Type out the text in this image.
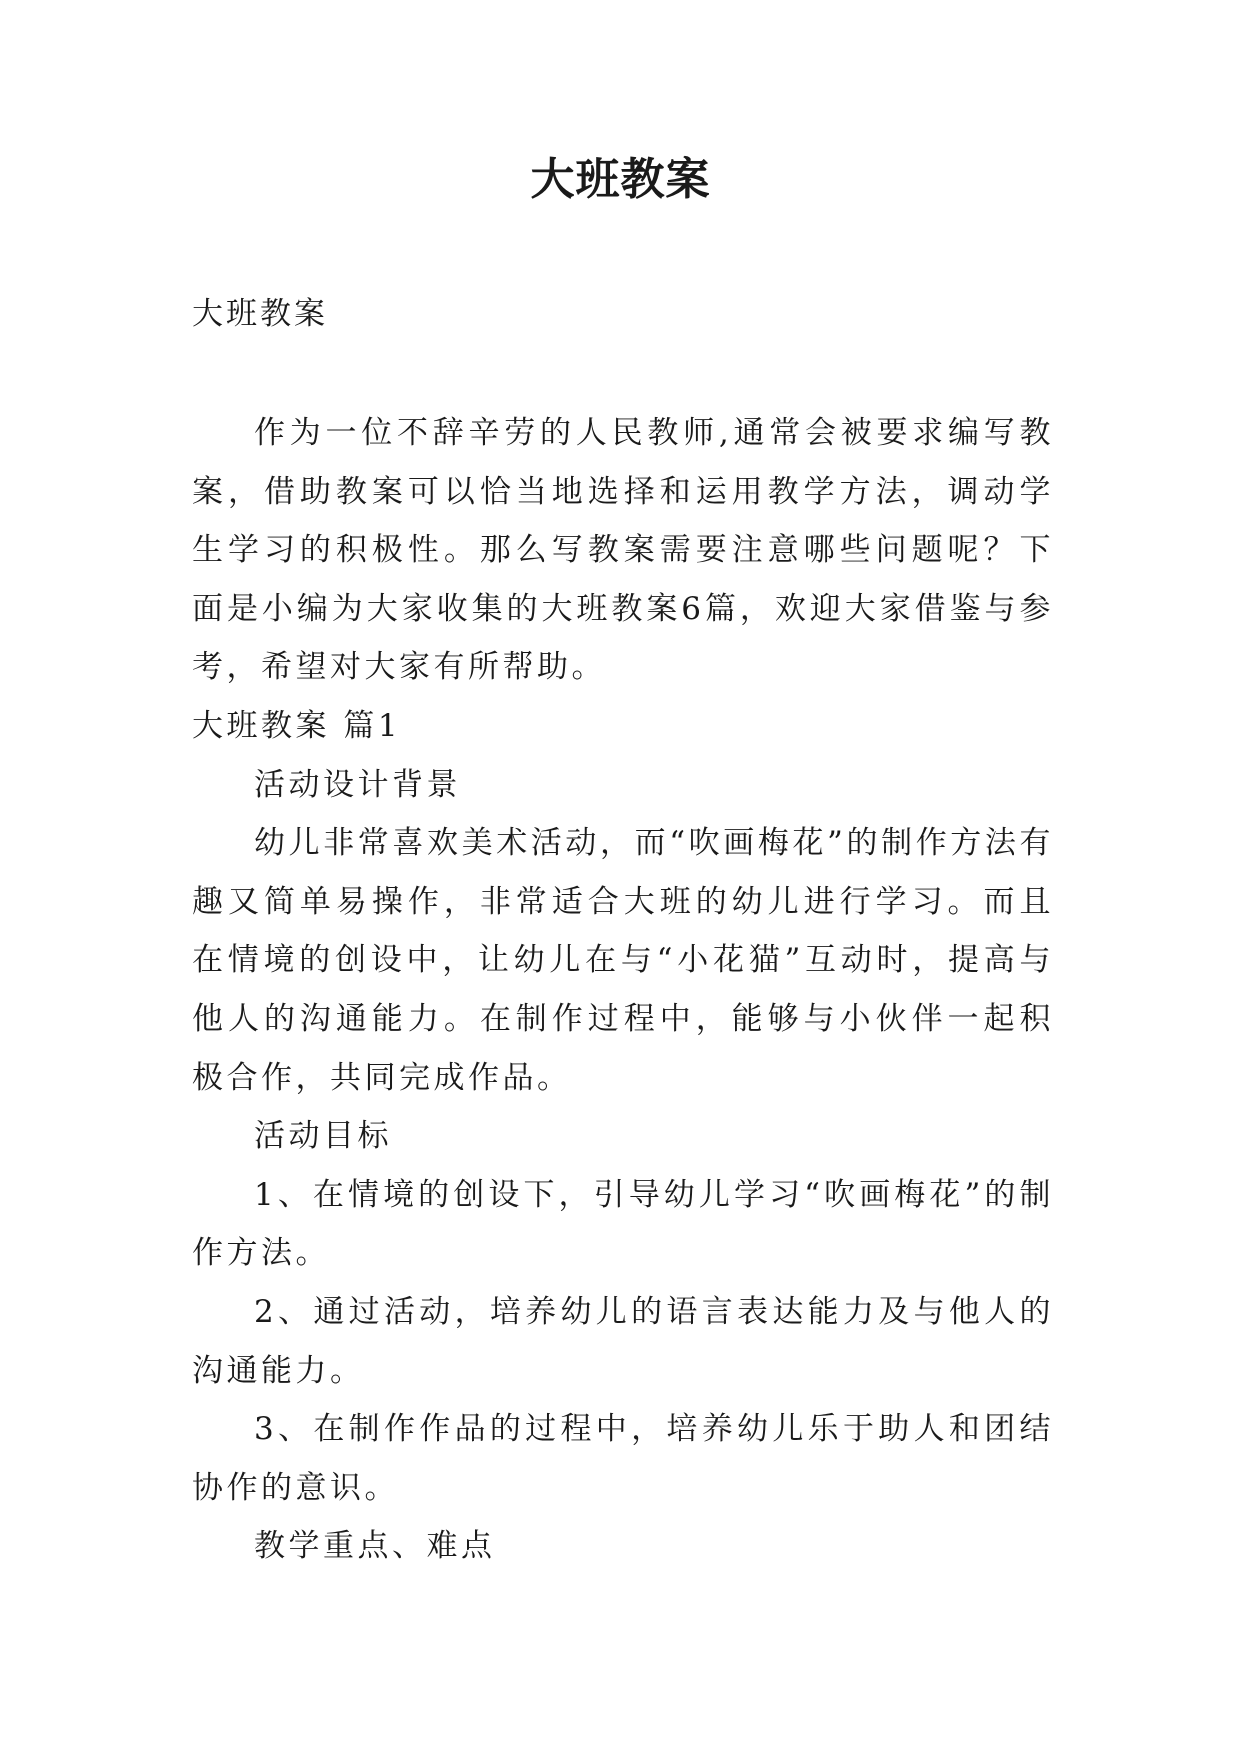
大班教案
大班教案

作为一位不辞辛劳的人民教师,通常会被要求编写教案，借助教案可以恰当地选择和运用教学方法，调动学生学习的积极性。那么写教案需要注意哪些问题呢？下面是小编为大家收集的大班教案6篇，欢迎大家借鉴与参考，希望对大家有所帮助。

大班教案 篇1

活动设计背景

幼儿非常喜欢美术活动，而“吹画梅花”的制作方法有趣又简单易操作，非常适合大班的幼儿进行学习。而且在情境的创设中，让幼儿在与“小花猫”互动时，提高与他人的沟通能力。在制作过程中，能够与小伙伴一起积极合作，共同完成作品。

活动目标

1、在情境的创设下，引导幼儿学习“吹画梅花”的制作方法。

2、通过活动，培养幼儿的语言表达能力及与他人的沟通能力。

3、在制作作品的过程中，培养幼儿乐于助人和团结协作的意识。

教学重点、难点
